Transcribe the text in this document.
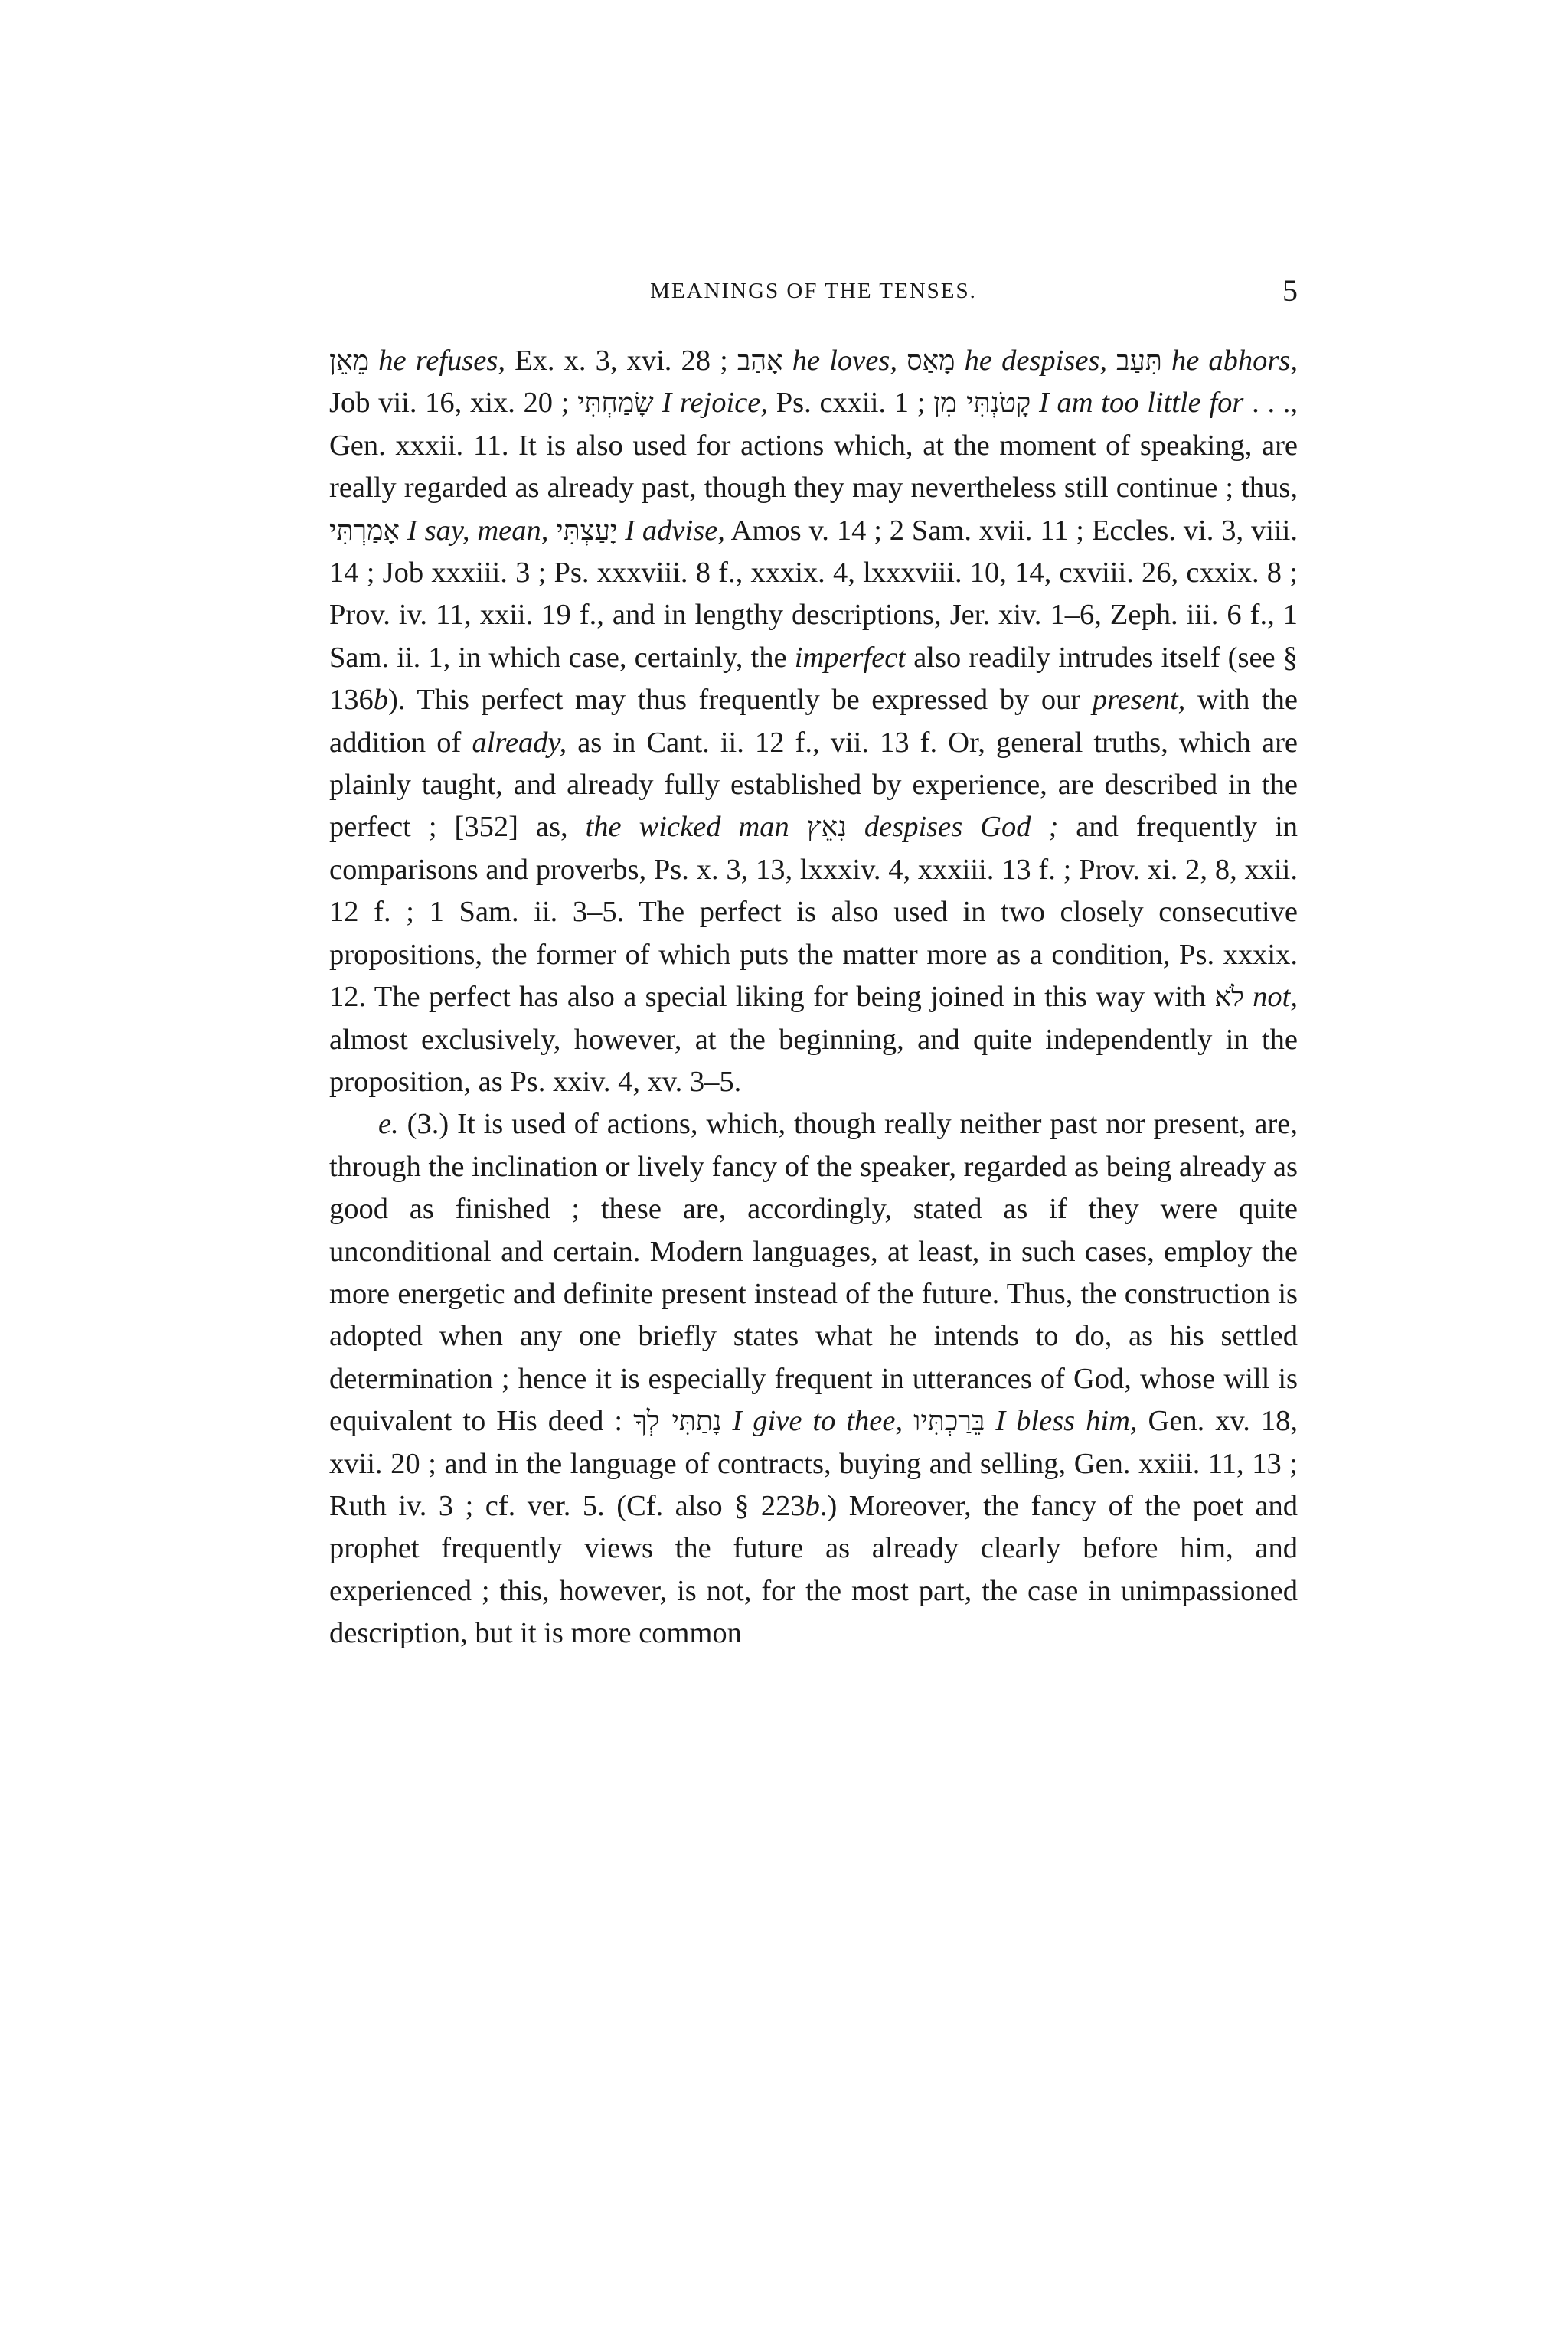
MEANINGS OF THE TENSES.	5

מֵאֵן he refuses, Ex. x. 3, xvi. 28 ; אָהַב he loves, מָאַס he despises, תִּעַב he abhors, Job vii. 16, xix. 20 ; שָׂמַחְתִּי I rejoice, Ps. cxxii. 1 ; קָטֹנְתִּי מִן I am too little for . . ., Gen. xxxii. 11. It is also used for actions which, at the moment of speaking, are really regarded as already past, though they may nevertheless still continue ; thus, אָמַרְתִּי I say, mean, יָעַצְתִּי I advise, Amos v. 14 ; 2 Sam. xvii. 11 ; Eccles. vi. 3, viii. 14 ; Job xxxiii. 3 ; Ps. xxxviii. 8 f., xxxix. 4, lxxxviii. 10, 14, cxviii. 26, cxxix. 8 ; Prov. iv. 11, xxii. 19 f., and in lengthy descriptions, Jer. xiv. 1–6, Zeph. iii. 6 f., 1 Sam. ii. 1, in which case, certainly, the imperfect also readily intrudes itself (see § 136b). This perfect may thus frequently be expressed by our present, with the addition of already, as in Cant. ii. 12 f., vii. 13 f. Or, general truths, which are plainly taught, and already fully established by experience, are described in the perfect ; [352] as, the wicked man נִאֵץ despises God ; and frequently in comparisons and proverbs, Ps. x. 3, 13, lxxxiv. 4, xxxiii. 13 f. ; Prov. xi. 2, 8, xxii. 12 f. ; 1 Sam. ii. 3–5. The perfect is also used in two closely consecutive propositions, the former of which puts the matter more as a condition, Ps. xxxix. 12. The perfect has also a special liking for being joined in this way with לֹא not, almost exclusively, however, at the beginning, and quite independently in the proposition, as Ps. xxiv. 4, xv. 3–5.

e. (3.) It is used of actions, which, though really neither past nor present, are, through the inclination or lively fancy of the speaker, regarded as being already as good as finished ; these are, accordingly, stated as if they were quite unconditional and certain. Modern languages, at least, in such cases, employ the more energetic and definite present instead of the future. Thus, the construction is adopted when any one briefly states what he intends to do, as his settled determination ; hence it is especially frequent in utterances of God, whose will is equivalent to His deed : נָתַתִּי לְךָ I give to thee, בֵּרַכְתִּיו I bless him, Gen. xv. 18, xvii. 20 ; and in the language of contracts, buying and selling, Gen. xxiii. 11, 13 ; Ruth iv. 3 ; cf. ver. 5. (Cf. also § 223b.) Moreover, the fancy of the poet and prophet frequently views the future as already clearly before him, and experienced ; this, however, is not, for the most part, the case in unimpassioned description, but it is more common
